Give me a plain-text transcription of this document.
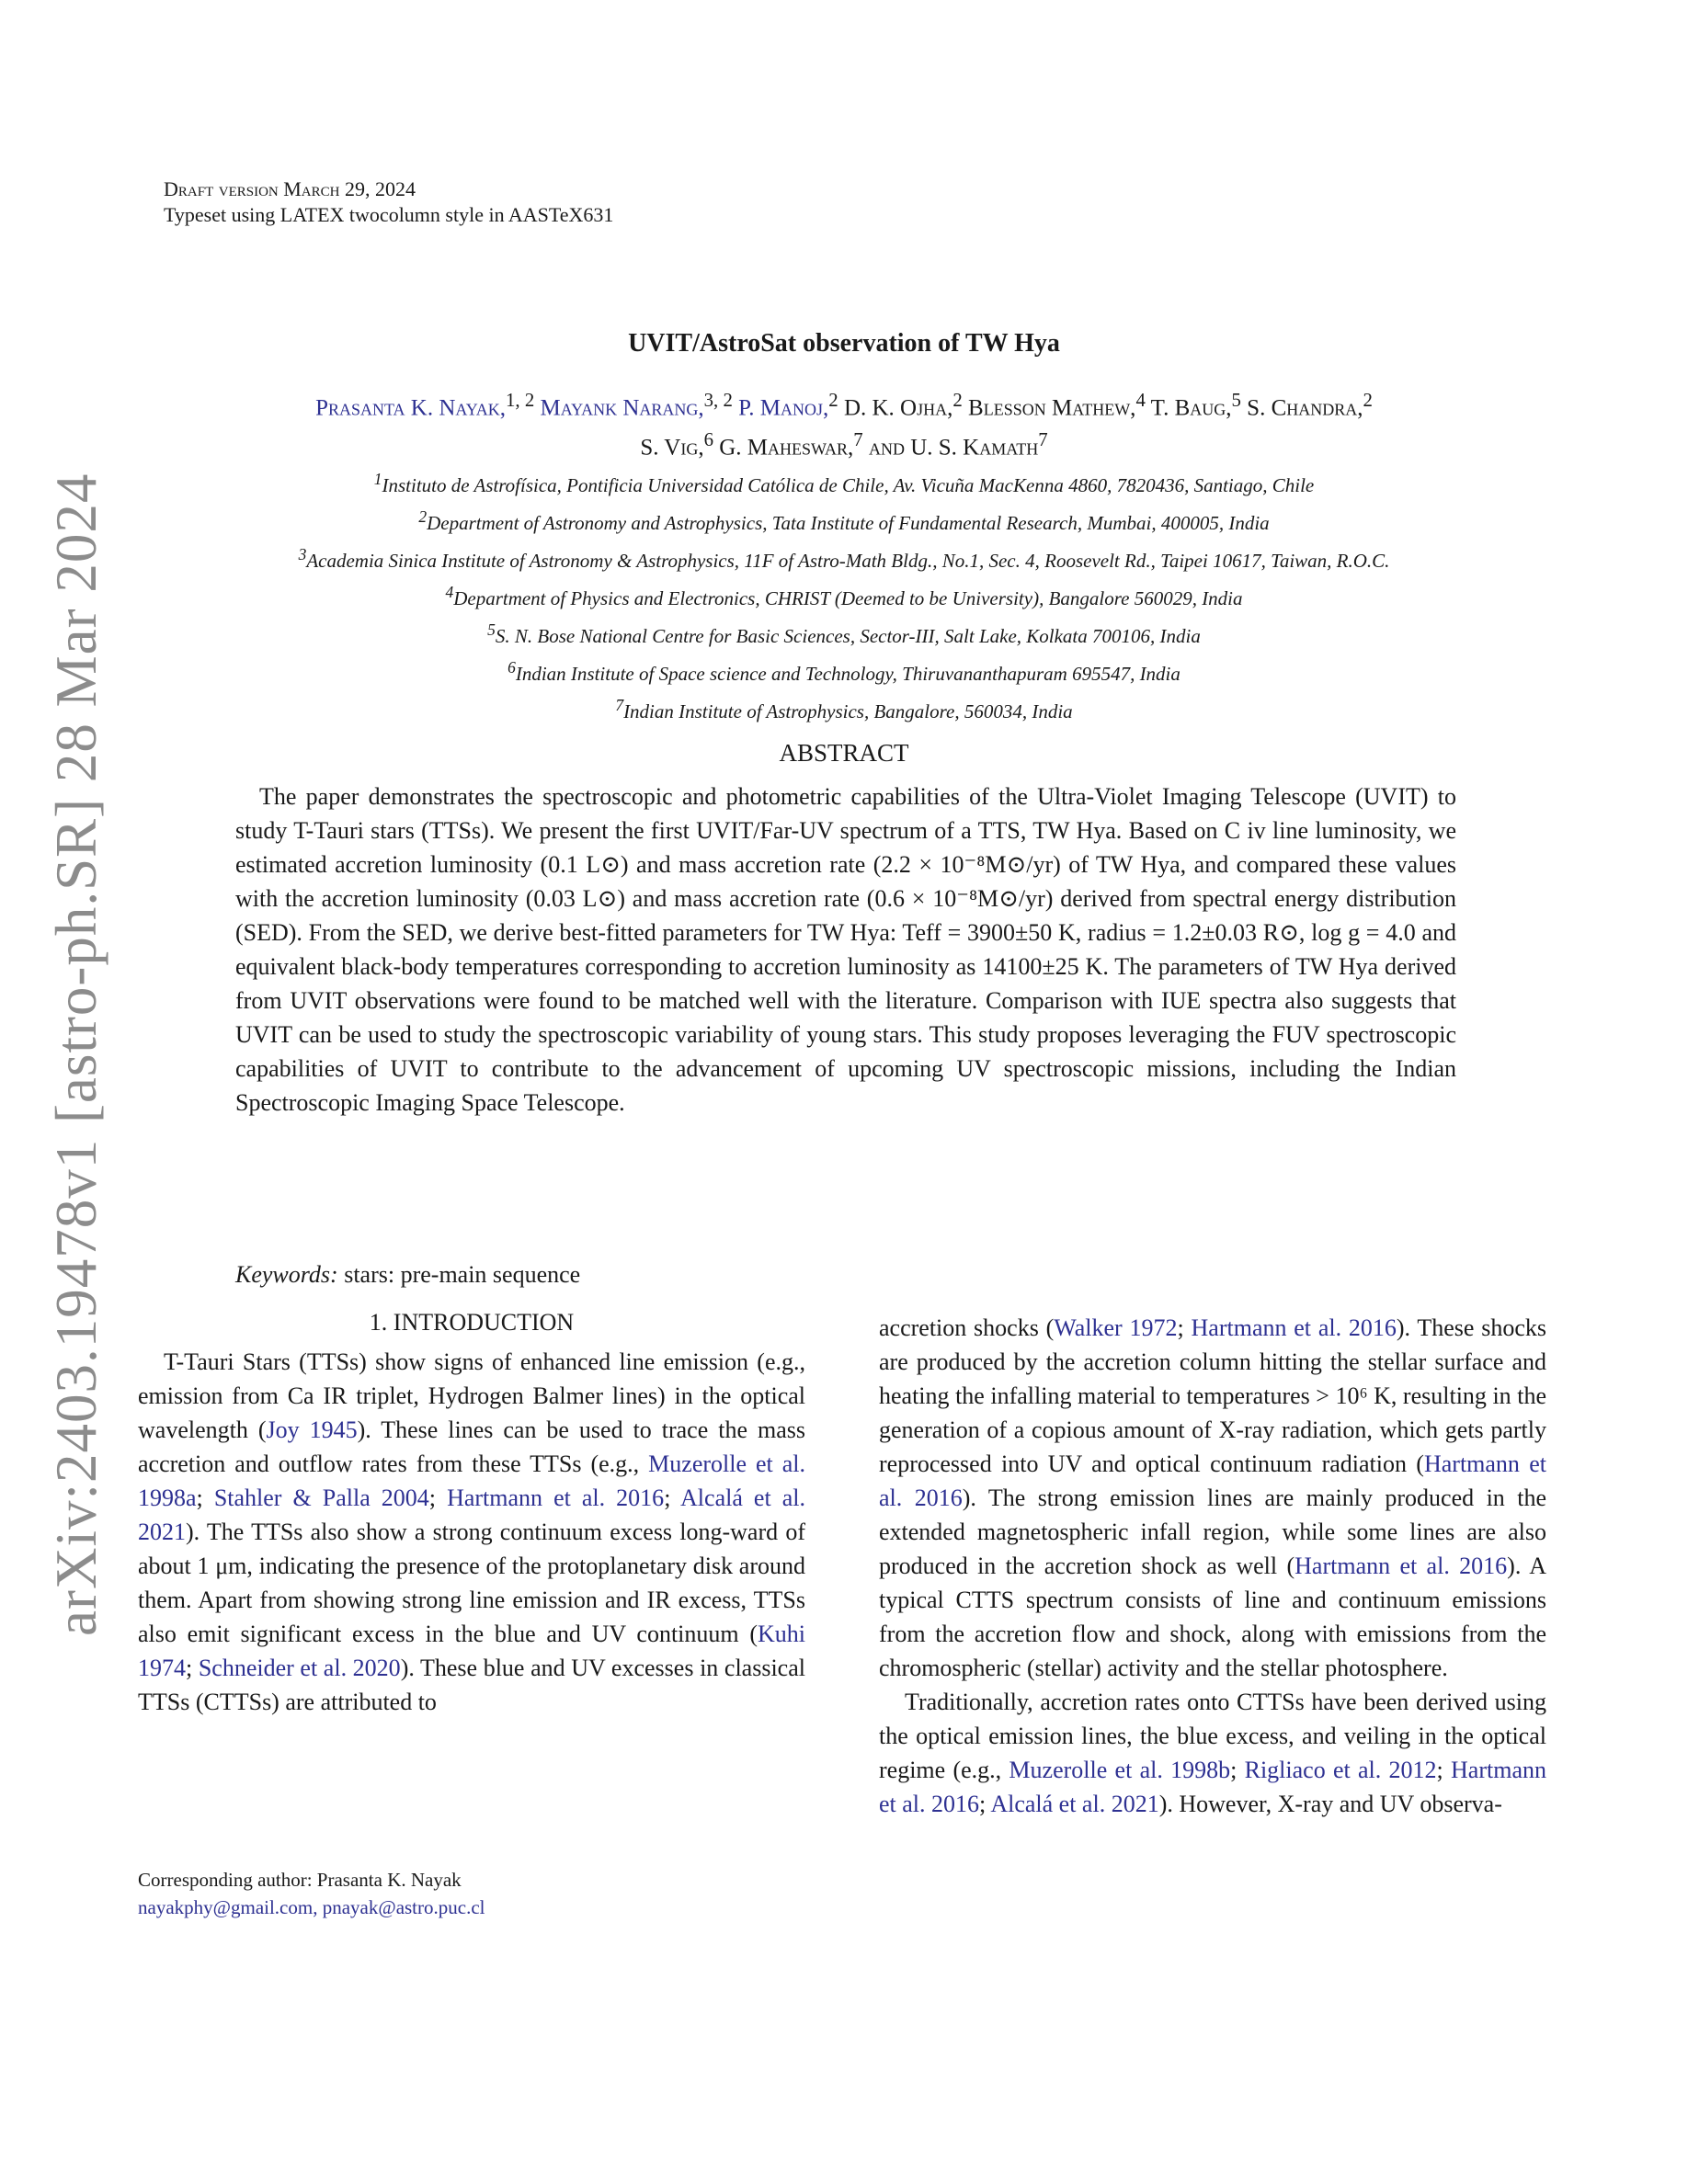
arXiv:2403.19478v1 [astro-ph.SR] 28 Mar 2024
Draft version March 29, 2024
Typeset using LATEX twocolumn style in AASTeX631
UVIT/AstroSat observation of TW Hya
Prasanta K. Nayak,$^{1, 2}$ Mayank Narang,$^{3, 2}$ P. Manoj,$^2$ D. K. Ojha,$^2$ Blesson Mathew,$^4$ T. Baug,$^5$ S. Chandra,$^2$
S. Vig,$^6$ G. Maheswar,$^7$ and U. S. Kamath$^7$
$^1$Instituto de Astrofísica, Pontificia Universidad Católica de Chile, Av. Vicuña MacKenna 4860, 7820436, Santiago, Chile
$^2$Department of Astronomy and Astrophysics, Tata Institute of Fundamental Research, Mumbai, 400005, India
$^3$Academia Sinica Institute of Astronomy & Astrophysics, 11F of Astro-Math Bldg., No.1, Sec. 4, Roosevelt Rd., Taipei 10617, Taiwan, R.O.C.
$^4$Department of Physics and Electronics, CHRIST (Deemed to be University), Bangalore 560029, India
$^5$S. N. Bose National Centre for Basic Sciences, Sector-III, Salt Lake, Kolkata 700106, India
$^6$Indian Institute of Space science and Technology, Thiruvananthapuram 695547, India
$^7$Indian Institute of Astrophysics, Bangalore, 560034, India
ABSTRACT
The paper demonstrates the spectroscopic and photometric capabilities of the Ultra-Violet Imaging Telescope (UVIT) to study T-Tauri stars (TTSs). We present the first UVIT/Far-UV spectrum of a TTS, TW Hya. Based on C iv line luminosity, we estimated accretion luminosity (0.1 L⊙) and mass accretion rate (2.2 × 10⁻⁸M⊙/yr) of TW Hya, and compared these values with the accretion luminosity (0.03 L⊙) and mass accretion rate (0.6 × 10⁻⁸M⊙/yr) derived from spectral energy distribution (SED). From the SED, we derive best-fitted parameters for TW Hya: Teff = 3900±50 K, radius = 1.2±0.03 R⊙, log g = 4.0 and equivalent black-body temperatures corresponding to accretion luminosity as 14100±25 K. The parameters of TW Hya derived from UVIT observations were found to be matched well with the literature. Comparison with IUE spectra also suggests that UVIT can be used to study the spectroscopic variability of young stars. This study proposes leveraging the FUV spectroscopic capabilities of UVIT to contribute to the advancement of upcoming UV spectroscopic missions, including the Indian Spectroscopic Imaging Space Telescope.
Keywords: stars: pre-main sequence
1. INTRODUCTION

T-Tauri Stars (TTSs) show signs of enhanced line emission (e.g., emission from Ca IR triplet, Hydrogen Balmer lines) in the optical wavelength (Joy 1945). These lines can be used to trace the mass accretion and outflow rates from these TTSs (e.g., Muzerolle et al. 1998a; Stahler & Palla 2004; Hartmann et al. 2016; Alcalá et al. 2021). The TTSs also show a strong continuum excess long-ward of about 1 μm, indicating the presence of the protoplanetary disk around them. Apart from showing strong line emission and IR excess, TTSs also emit significant excess in the blue and UV continuum (Kuhi 1974; Schneider et al. 2020). These blue and UV excesses in classical TTSs (CTTSs) are attributed to

accretion shocks (Walker 1972; Hartmann et al. 2016). These shocks are produced by the accretion column hitting the stellar surface and heating the infalling material to temperatures > 10⁶ K, resulting in the generation of a copious amount of X-ray radiation, which gets partly reprocessed into UV and optical continuum radiation (Hartmann et al. 2016). The strong emission lines are mainly produced in the extended magnetospheric infall region, while some lines are also produced in the accretion shock as well (Hartmann et al. 2016). A typical CTTS spectrum consists of line and continuum emissions from the accretion flow and shock, along with emissions from the chromospheric (stellar) activity and the stellar photosphere.

Traditionally, accretion rates onto CTTSs have been derived using the optical emission lines, the blue excess, and veiling in the optical regime (e.g., Muzerolle et al. 1998b; Rigliaco et al. 2012; Hartmann et al. 2016; Alcalá et al. 2021). However, X-ray and UV observa-

Corresponding author: Prasanta K. Nayak
nayakphy@gmail.com, pnayak@astro.puc.cl
